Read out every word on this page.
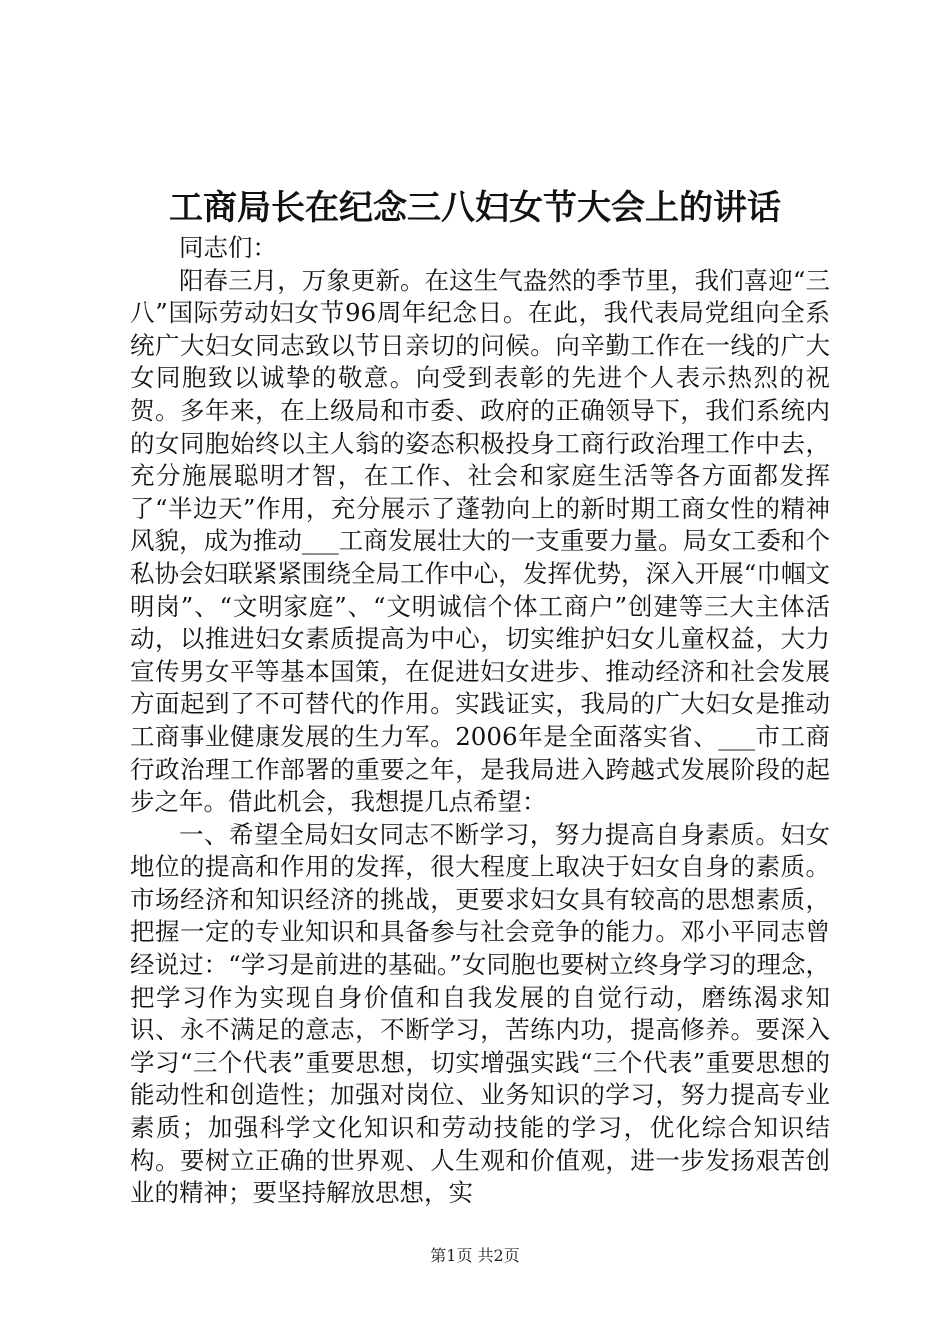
工商局长在纪念三八妇女节大会上的讲话

同志们：

阳春三月，万象更新。在这生气盎然的季节里，我们喜迎“三八”国际劳动妇女节96周年纪念日。在此，我代表局党组向全系统广大妇女同志致以节日亲切的问候。向辛勤工作在一线的广大女同胞致以诚挚的敬意。向受到表彰的先进个人表示热烈的祝贺。多年来，在上级局和市委、政府的正确领导下，我们系统内的女同胞始终以主人翁的姿态积极投身工商行政治理工作中去，充分施展聪明才智，在工作、社会和家庭生活等各方面都发挥了“半边天”作用，充分展示了蓬勃向上的新时期工商女性的精神风貌，成为推动___工商发展壮大的一支重要力量。局女工委和个私协会妇联紧紧围绕全局工作中心，发挥优势，深入开展“巾帼文明岗”、“文明家庭”、“文明诚信个体工商户”创建等三大主体活动，以推进妇女素质提高为中心，切实维护妇女儿童权益，大力宣传男女平等基本国策，在促进妇女进步、推动经济和社会发展方面起到了不可替代的作用。实践证实，我局的广大妇女是推动工商事业健康发展的生力军。2006年是全面落实省、___市工商行政治理工作部署的重要之年，是我局进入跨越式发展阶段的起步之年。借此机会，我想提几点希望：

一、希望全局妇女同志不断学习，努力提高自身素质。妇女地位的提高和作用的发挥，很大程度上取决于妇女自身的素质。市场经济和知识经济的挑战，更要求妇女具有较高的思想素质，把握一定的专业知识和具备参与社会竞争的能力。邓小平同志曾经说过：“学习是前进的基础。”女同胞也要树立终身学习的理念，把学习作为实现自身价值和自我发展的自觉行动，磨练渴求知识、永不满足的意志，不断学习，苦练内功，提高修养。要深入学习“三个代表”重要思想，切实增强实践“三个代表”重要思想的能动性和创造性；加强对岗位、业务知识的学习，努力提高专业素质；加强科学文化知识和劳动技能的学习，优化综合知识结构。要树立正确的世界观、人生观和价值观，进一步发扬艰苦创业的精神；要坚持解放思想，实

第1页 共2页
